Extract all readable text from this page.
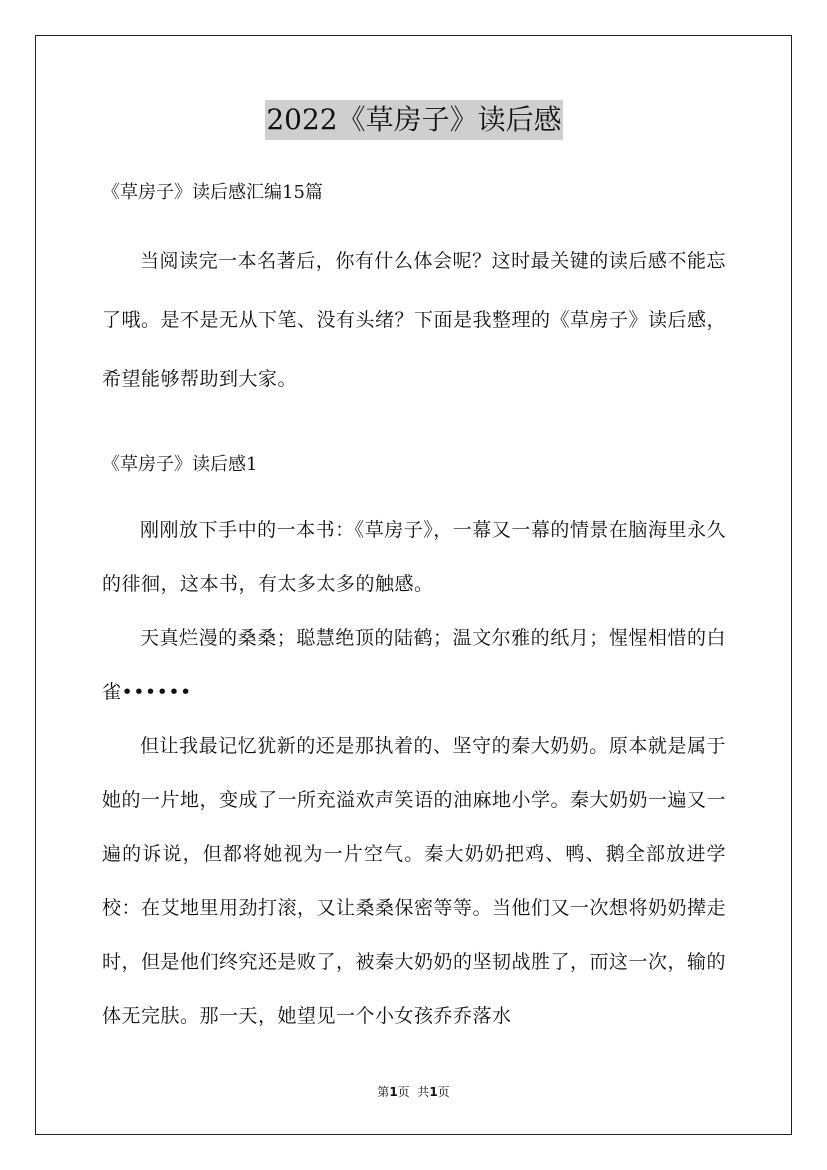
2022《草房子》读后感
《草房子》读后感汇编15篇

当阅读完一本名著后，你有什么体会呢？这时最关键的读后感不能忘了哦。是不是无从下笔、没有头绪？下面是我整理的《草房子》读后感，希望能够帮助到大家。

《草房子》读后感1

刚刚放下手中的一本书：《草房子》，一幕又一幕的情景在脑海里永久的徘徊，这本书，有太多太多的触感。

天真烂漫的桑桑；聪慧绝顶的陆鹤；温文尔雅的纸月；惺惺相惜的白雀••••••

但让我最记忆犹新的还是那执着的、坚守的秦大奶奶。原本就是属于她的一片地，变成了一所充溢欢声笑语的油麻地小学。秦大奶奶一遍又一遍的诉说，但都将她视为一片空气。秦大奶奶把鸡、鸭、鹅全部放进学校：在艾地里用劲打滚，又让桑桑保密等等。当他们又一次想将奶奶撵走时，但是他们终究还是败了，被秦大奶奶的坚韧战胜了，而这一次，输的体无完肤。那一天，她望见一个小女孩乔乔落水

第1页  共1页
